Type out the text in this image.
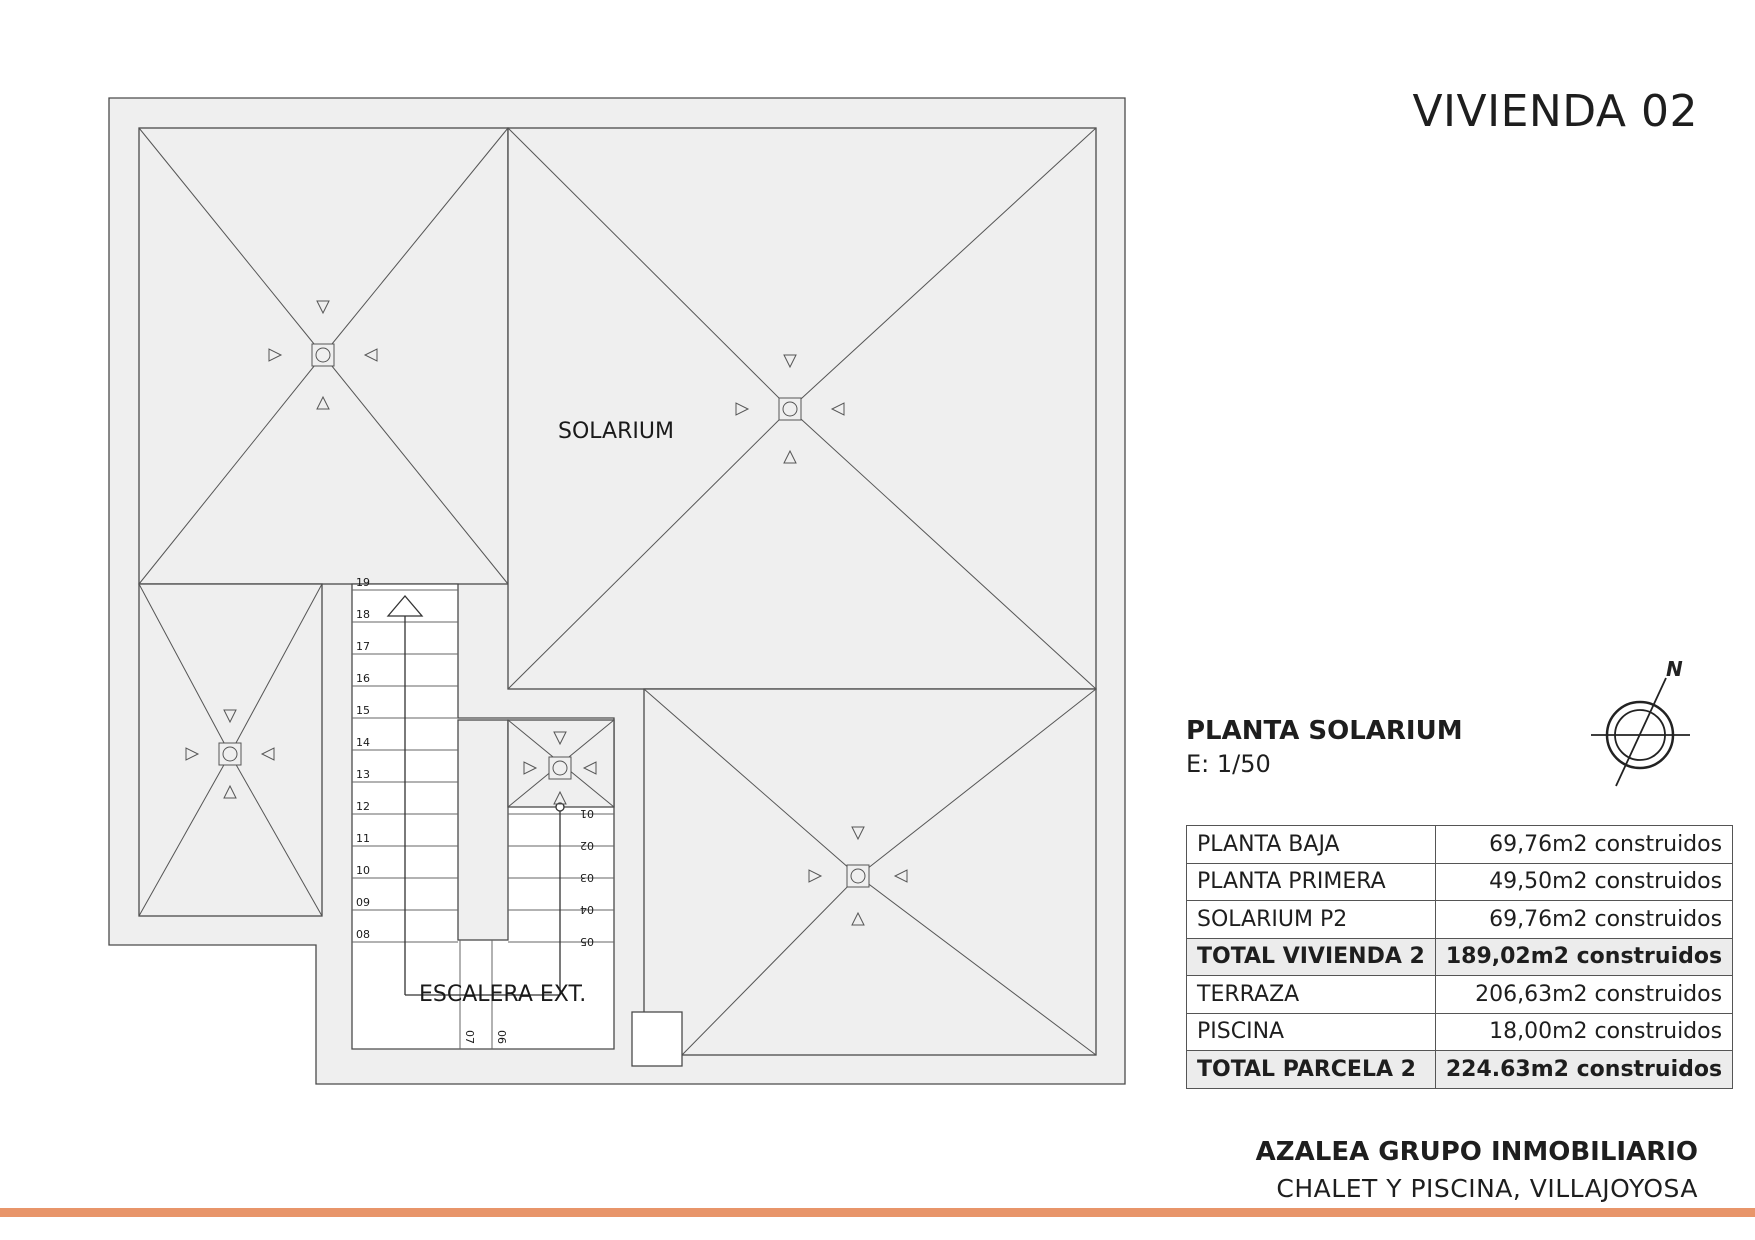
VIVIENDA 02
19
18
17
16
15
14
13
12
11
10
09
08
01
02
03
04
05
07 06
SOLARIUM
ESCALERA EXT.
N
PLANTA SOLARIUM
E: 1/50
PLANTA BAJA	69,76m2 construidos
PLANTA PRIMERA	49,50m2 construidos
SOLARIUM P2	69,76m2 construidos
TOTAL VIVIENDA 2	189,02m2 construidos
TERRAZA	206,63m2 construidos
PISCINA	18,00m2 construidos
TOTAL PARCELA 2	224.63m2 construidos
AZALEA GRUPO INMOBILIARIO
CHALET Y PISCINA, VILLAJOYOSA
